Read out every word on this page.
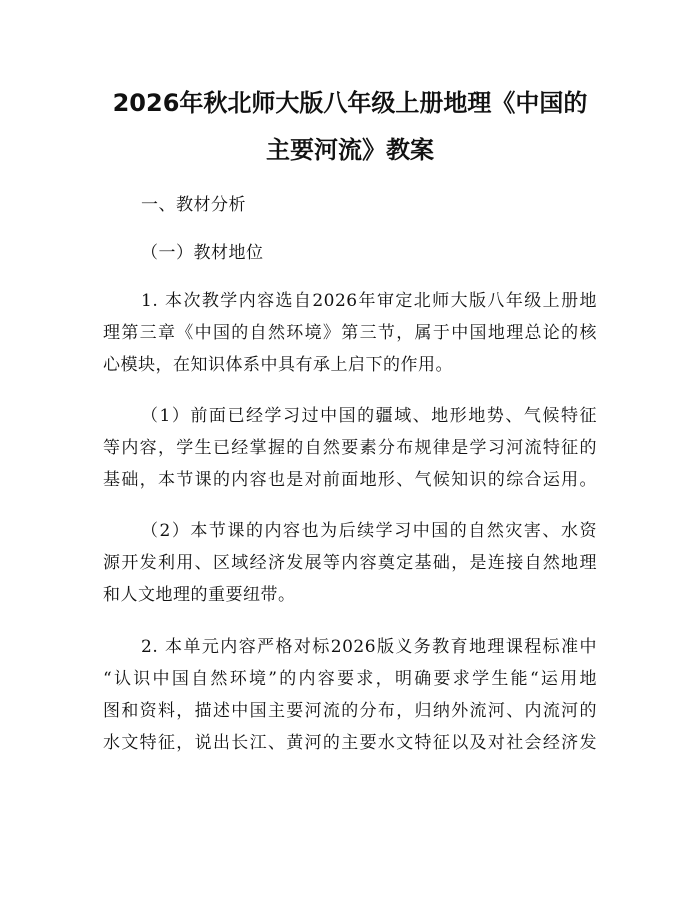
2026年秋北师大版八年级上册地理《中国的
主要河流》教案
一、教材分析
（一）教材地位
1. 本次教学内容选自2026年审定北师大版八年级上册地
理第三章《中国的自然环境》第三节，属于中国地理总论的核
心模块，在知识体系中具有承上启下的作用。
（1）前面已经学习过中国的疆域、地形地势、气候特征
等内容，学生已经掌握的自然要素分布规律是学习河流特征的
基础，本节课的内容也是对前面地形、气候知识的综合运用。
（2）本节课的内容也为后续学习中国的自然灾害、水资
源开发利用、区域经济发展等内容奠定基础，是连接自然地理
和人文地理的重要纽带。
2. 本单元内容严格对标2026版义务教育地理课程标准中
“认识中国自然环境”的内容要求，明确要求学生能“运用地
图和资料，描述中国主要河流的分布，归纳外流河、内流河的
水文特征，说出长江、黄河的主要水文特征以及对社会经济发
